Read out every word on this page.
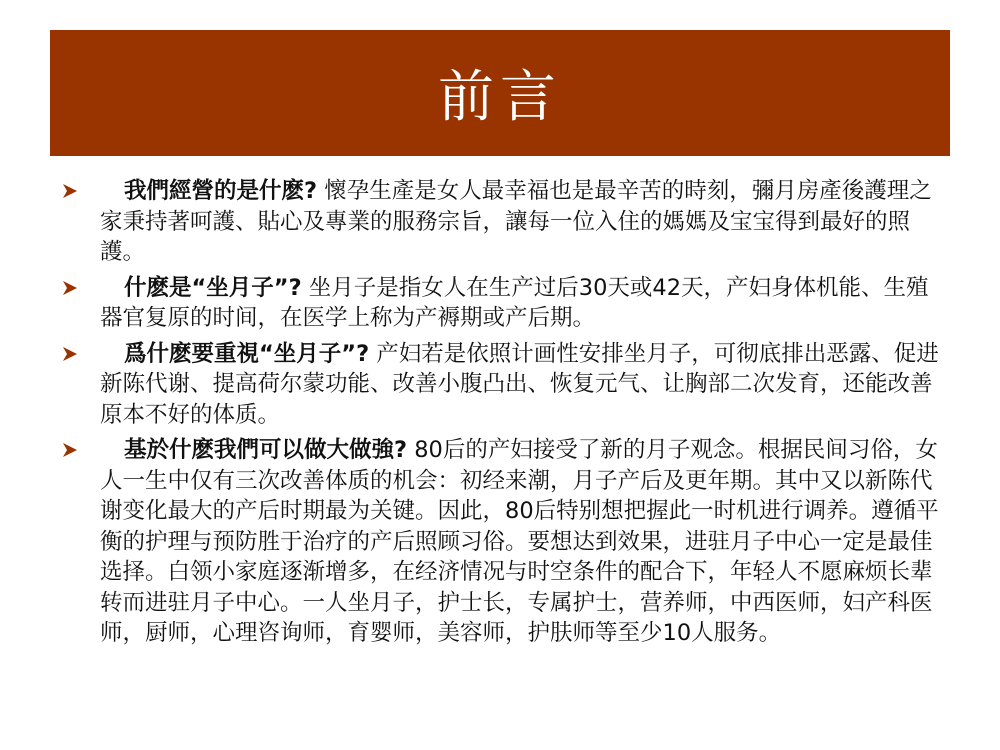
前言
我們經營的是什麽? 懷孕生產是女人最幸福也是最辛苦的時刻，彌月房產後護理之家秉持著呵護、貼心及專業的服務宗旨，讓每一位入住的媽媽及宝宝得到最好的照護。
什麽是“坐月子”? 坐月子是指女人在生产过后30天或42天，产妇身体机能、生殖器官复原的时间，在医学上称为产褥期或产后期。
爲什麽要重視“坐月子”? 产妇若是依照计画性安排坐月子，可彻底排出恶露、促进新陈代谢、提高荷尔蒙功能、改善小腹凸出、恢复元气、让胸部二次发育，还能改善原本不好的体质。
基於什麽我們可以做大做強? 80后的产妇接受了新的月子观念。根据民间习俗，女人一生中仅有三次改善体质的机会：初经来潮，月子产后及更年期。其中又以新陈代谢变化最大的产后时期最为关键。因此，80后特别想把握此一时机进行调养。遵循平衡的护理与预防胜于治疗的产后照顾习俗。要想达到效果，进驻月子中心一定是最佳选择。白领小家庭逐渐增多，在经济情况与时空条件的配合下，年轻人不愿麻烦长辈转而进驻月子中心。一人坐月子，护士长，专属护士，营养师，中西医师，妇产科医师，厨师，心理咨询师，育婴师，美容师，护肤师等至少10人服务。
